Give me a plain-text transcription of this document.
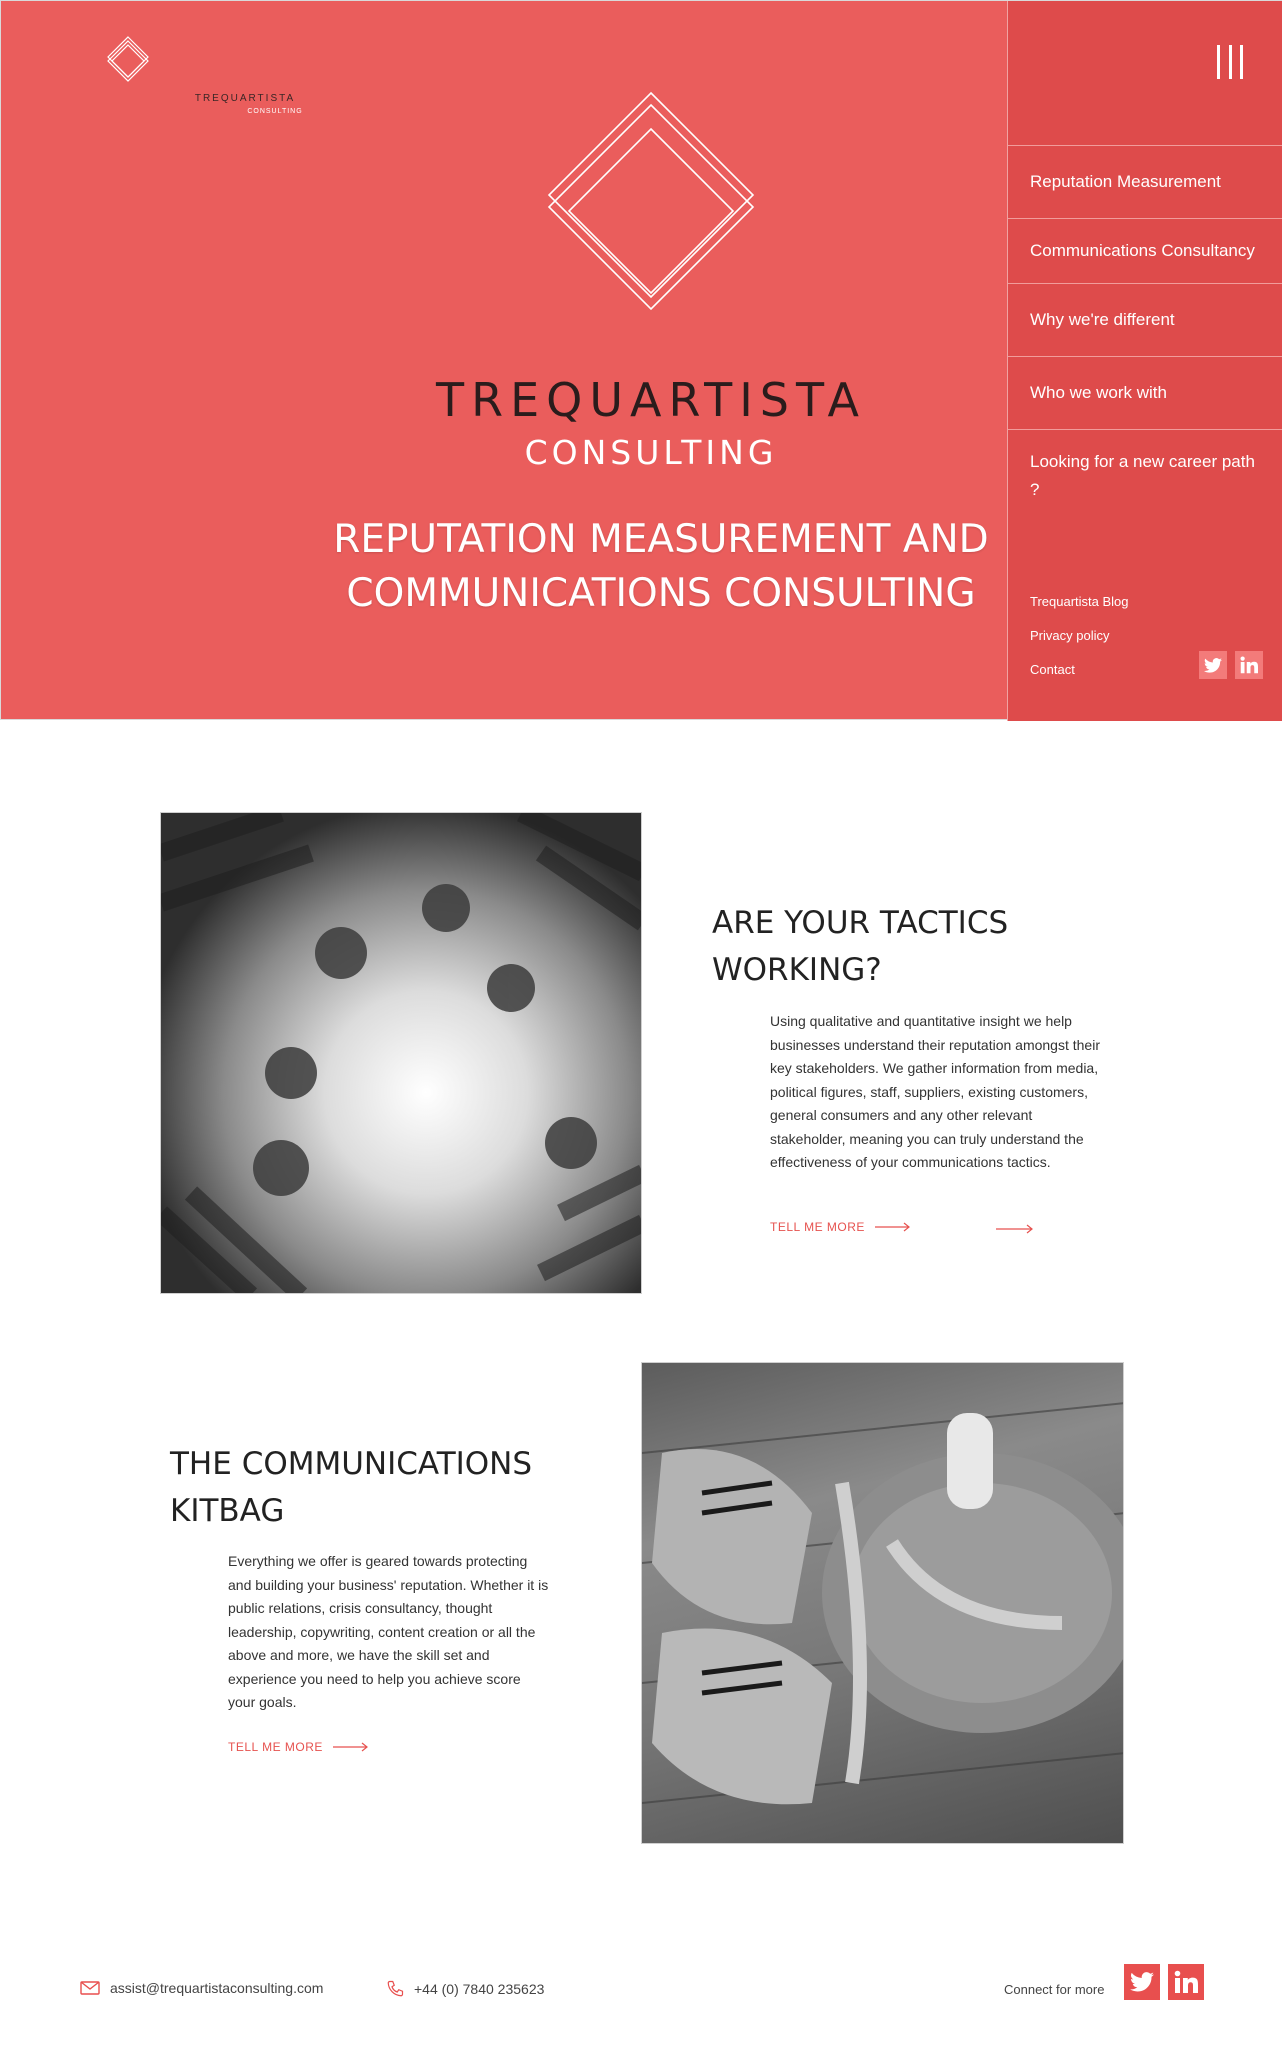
TREQUARTISTA
CONSULTING
TREQUARTISTA
CONSULTING
REPUTATION MEASUREMENT AND
COMMUNICATIONS CONSULTING
Reputation Measurement
Communications Consultancy
Why we're different
Who we work with
Looking for a new career path ?
Trequartista Blog
Privacy policy
Contact
ARE YOUR TACTICS
WORKING?

Using qualitative and quantitative insight we help businesses understand their reputation amongst their key stakeholders. We gather information from media, political figures, staff, suppliers, existing customers, general consumers and any other relevant stakeholder, meaning you can truly understand the effectiveness of your communications tactics.

TELL ME MORE
THE COMMUNICATIONS
KITBAG

Everything we offer is geared towards protecting and building your business' reputation. Whether it is public relations, crisis consultancy, thought leadership, copywriting, content creation or all the above and more, we have the skill set and experience you need to help you achieve score your goals.

TELL ME MORE
assist@trequartistaconsulting.com	+44 (0) 7840 235623	Connect for more
